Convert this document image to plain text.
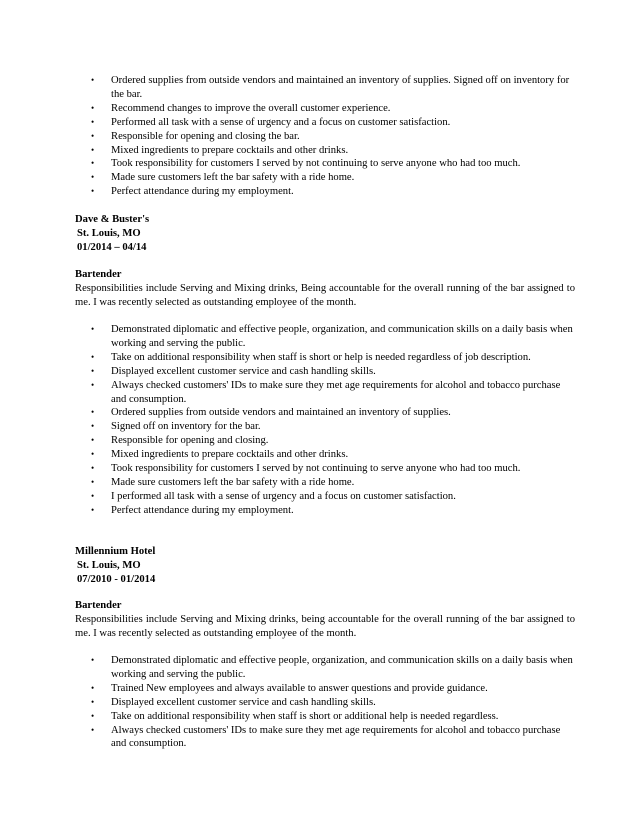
• Ordered supplies from outside vendors and maintained an inventory of supplies. Signed off on inventory for the bar.
• Recommend changes to improve the overall customer experience.
• Performed all task with a sense of urgency and a focus on customer satisfaction.
• Responsible for opening and closing the bar.
• Mixed ingredients to prepare cocktails and other drinks.
• Took responsibility for customers I served by not continuing to serve anyone who had too much.
• Made sure customers left the bar safety with a ride home.
• Perfect attendance during my employment.
Dave & Buster's
St. Louis, MO
01/2014 – 04/14
Bartender
Responsibilities include Serving and Mixing drinks, Being accountable for the overall running of the bar assigned to me. I was recently selected as outstanding employee of the month.
• Demonstrated diplomatic and effective people, organization, and communication skills on a daily basis when working and serving the public.
• Take on additional responsibility when staff is short or help is needed regardless of job description.
• Displayed excellent customer service and cash handling skills.
• Always checked customers' IDs to make sure they met age requirements for alcohol and tobacco purchase and consumption.
• Ordered supplies from outside vendors and maintained an inventory of supplies.
• Signed off on inventory for the bar.
• Responsible for opening and closing.
• Mixed ingredients to prepare cocktails and other drinks.
• Took responsibility for customers I served by not continuing to serve anyone who had too much.
• Made sure customers left the bar safety with a ride home.
• I performed all task with a sense of urgency and a focus on customer satisfaction.
• Perfect attendance during my employment.
Millennium Hotel
St. Louis, MO
07/2010 - 01/2014
Bartender
Responsibilities include Serving and Mixing drinks, being accountable for the overall running of the bar assigned to me. I was recently selected as outstanding employee of the month.
• Demonstrated diplomatic and effective people, organization, and communication skills on a daily basis when working and serving the public.
• Trained New employees and always available to answer questions and provide guidance.
• Displayed excellent customer service and cash handling skills.
• Take on additional responsibility when staff is short or additional help is needed regardless.
• Always checked customers' IDs to make sure they met age requirements for alcohol and tobacco purchase and consumption.
